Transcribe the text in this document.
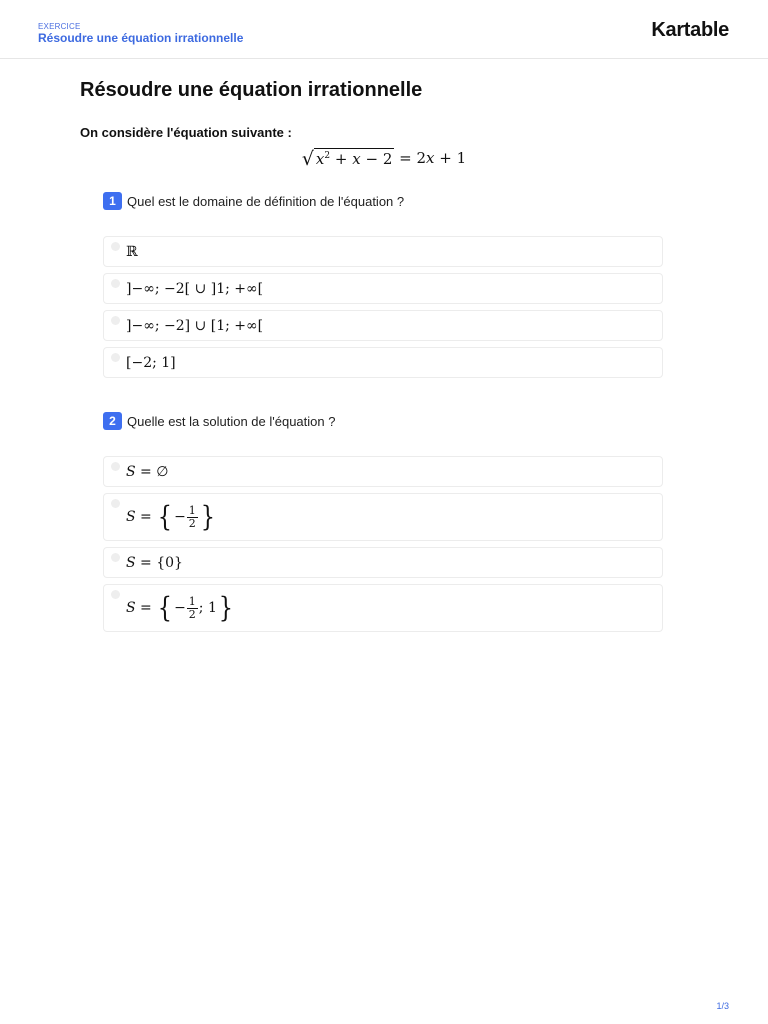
EXERCICE
Résoudre une équation irrationnelle	Kartable
Résoudre une équation irrationnelle
On considère l'équation suivante :
√ $x^2 + x - 2 = 2x + 1$
1 Quel est le domaine de définition de l'équation ?
ℝ
]−∞; −2[ ∪ ]1; +∞[
]−∞; −2] ∪ [1; +∞[
[−2; 1]
2 Quelle est la solution de l'équation ?
S = ∅
S = { − $\frac{1}{2}$ }
S = {0}
S = { − $\frac{1}{2}$ ; 1 }
1/3
